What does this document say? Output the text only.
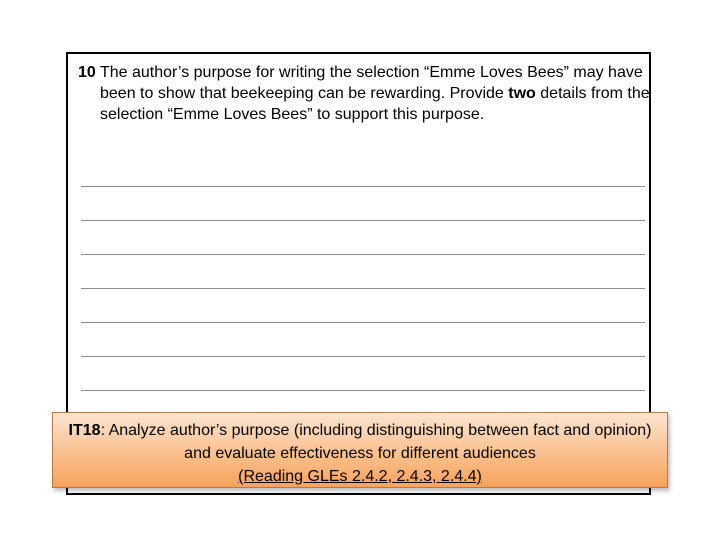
10 The author’s purpose for writing the selection “Emme Loves Bees” may have been to show that beekeeping can be rewarding. Provide two details from the selection “Emme Loves Bees” to support this purpose.

IT18: Analyze author’s purpose (including distinguishing between fact and opinion) and evaluate effectiveness for different audiences
(Reading GLEs 2.4.2, 2.4.3, 2.4.4)
